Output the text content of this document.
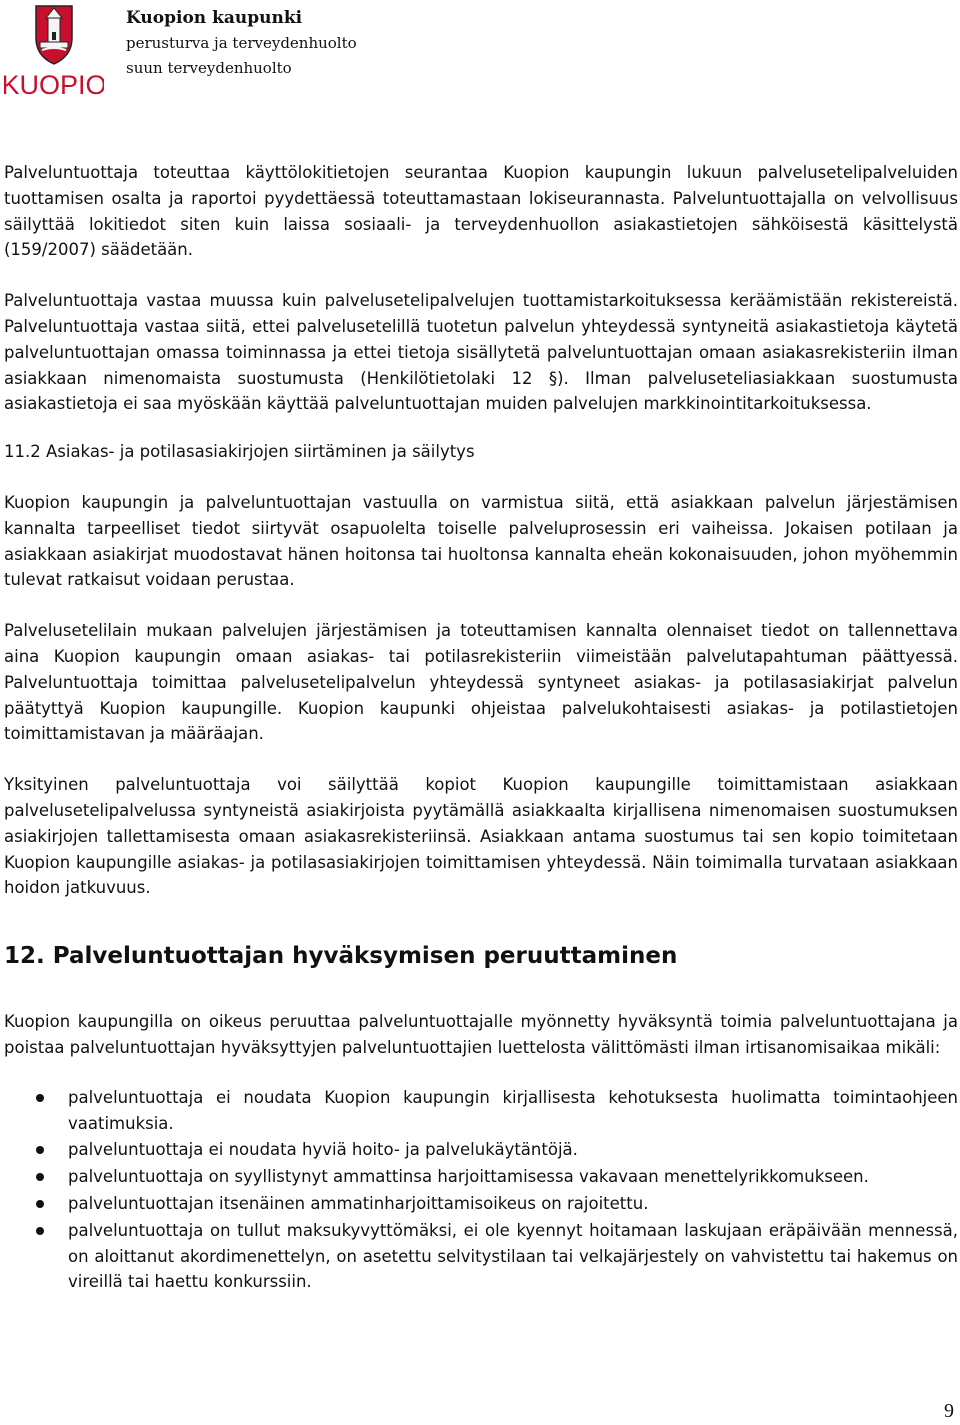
KUOPIO
Kuopion kaupunki
perusturva ja terveydenhuolto
suun terveydenhuolto

Palveluntuottaja toteuttaa käyttölokitietojen seurantaa Kuopion kaupungin lukuun palvelusetelipalveluiden tuottamisen osalta ja raportoi pyydettäessä toteuttamastaan lokiseurannasta. Palveluntuottajalla on velvollisuus säilyttää lokitiedot siten kuin laissa sosiaali- ja terveydenhuollon asiakastietojen sähköisestä käsittelystä (159/2007) säädetään.

Palveluntuottaja vastaa muussa kuin palvelusetelipalvelujen tuottamistarkoituksessa keräämistään rekistereistä. Palveluntuottaja vastaa siitä, ettei palvelusetelillä tuotetun palvelun yhteydessä syntyneitä asiakastietoja käytetä palveluntuottajan omassa toiminnassa ja ettei tietoja sisällytetä palveluntuottajan omaan asiakasrekisteriin ilman asiakkaan nimenomaista suostumusta (Henkilötietolaki 12 §). Ilman palveluseteliasiakkaan suostumusta asiakastietoja ei saa myöskään käyttää palveluntuottajan muiden palvelujen markkinointitarkoituksessa.

11.2 Asiakas- ja potilasasiakirjojen siirtäminen ja säilytys

Kuopion kaupungin ja palveluntuottajan vastuulla on varmistua siitä, että asiakkaan palvelun järjestämisen kannalta tarpeelliset tiedot siirtyvät osapuolelta toiselle palveluprosessin eri vaiheissa. Jokaisen potilaan ja asiakkaan asiakirjat muodostavat hänen hoitonsa tai huoltonsa kannalta eheän kokonaisuuden, johon myöhemmin tulevat ratkaisut voidaan perustaa.

Palvelusetelilain mukaan palvelujen järjestämisen ja toteuttamisen kannalta olennaiset tiedot on tallennettava aina Kuopion kaupungin omaan asiakas- tai potilasrekisteriin viimeistään palvelutapahtuman päättyessä. Palveluntuottaja toimittaa palvelusetelipalvelun yhteydessä syntyneet asiakas- ja potilasasiakirjat palvelun päätyttyä Kuopion kaupungille. Kuopion kaupunki ohjeistaa palvelukohtaisesti asiakas- ja potilastietojen toimittamistavan ja määräajan.

Yksityinen palveluntuottaja voi säilyttää kopiot Kuopion kaupungille toimittamistaan asiakkaan palvelusetelipalvelussa syntyneistä asiakirjoista pyytämällä asiakkaalta kirjallisena nimenomaisen suostumuksen asiakirjojen tallettamisesta omaan asiakasrekisteriinsä. Asiakkaan antama suostumus tai sen kopio toimitetaan Kuopion kaupungille asiakas- ja potilasasiakirjojen toimittamisen yhteydessä. Näin toimimalla turvataan asiakkaan hoidon jatkuvuus.

12. Palveluntuottajan hyväksymisen peruuttaminen

Kuopion kaupungilla on oikeus peruuttaa palveluntuottajalle myönnetty hyväksyntä toimia palveluntuottajana ja poistaa palveluntuottajan hyväksyttyjen palveluntuottajien luettelosta välittömästi ilman irtisanomisaikaa mikäli:

palveluntuottaja ei noudata Kuopion kaupungin kirjallisesta kehotuksesta huolimatta toimintaohjeen vaatimuksia.
palveluntuottaja ei noudata hyviä hoito- ja palvelukäytäntöjä.
palveluntuottaja on syyllistynyt ammattinsa harjoittamisessa vakavaan menettelyrikkomukseen.
palveluntuottajan itsenäinen ammatinharjoittamisoikeus on rajoitettu.
palveluntuottaja on tullut maksukyvyttömäksi, ei ole kyennyt hoitamaan laskujaan eräpäivään mennessä, on aloittanut akordimenettelyn, on asetettu selvitystilaan tai velkajärjestely on vahvistettu tai hakemus on vireillä tai haettu konkurssiin.
9
